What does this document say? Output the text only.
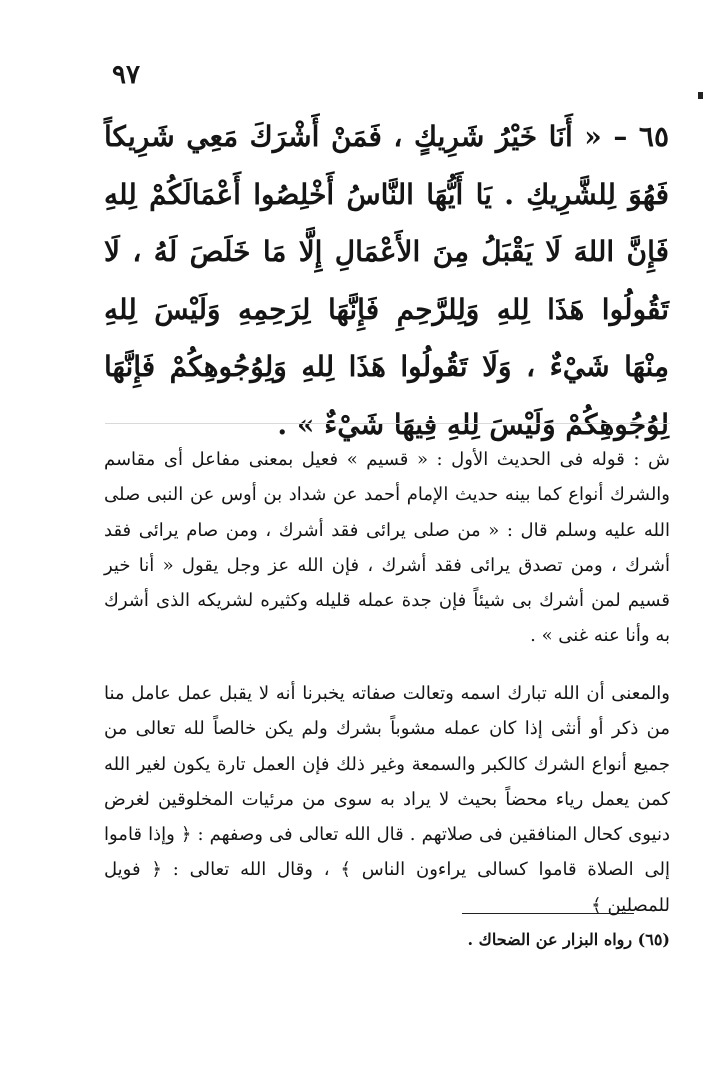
٩٧
٦٥ – « أَنَا خَيْرُ شَرِيكٍ ، فَمَنْ أَشْرَكَ مَعِي شَرِيكاً فَهُوَ لِلشَّرِيكِ . يَا أَيُّهَا النَّاسُ أَخْلِصُوا أَعْمَالَكُمْ لِلهِ فَإِنَّ اللهَ لَا يَقْبَلُ مِنَ الأَعْمَالِ إِلَّا مَا خَلَصَ لَهُ ، لَا تَقُولُوا هَذَا لِلهِ وَلِلرَّحِمِ فَإِنَّهَا لِرَحِمِهِ وَلَيْسَ لِلهِ مِنْهَا شَيْءٌ ، وَلَا تَقُولُوا هَذَا لِلهِ وَلِوُجُوهِكُمْ فَإِنَّهَا لِوُجُوهِكُمْ وَلَيْسَ لِلهِ فِيهَا شَيْءٌ » .
ش : قوله فى الحديث الأول : « قسيم » فعيل بمعنى مفاعل أى مقاسم والشرك أنواع كما بينه حديث الإمام أحمد عن شداد بن أوس عن النبى صلى الله عليه وسلم قال : « من صلى يرائى فقد أشرك ، ومن صام يرائى فقد أشرك ، ومن تصدق يرائى فقد أشرك ، فإن الله عز وجل يقول « أنا خير قسيم لمن أشرك بى شيئاً فإن جدة عمله قليله وكثيره لشريكه الذى أشرك به وأنا عنه غنى » .
والمعنى أن الله تبارك اسمه وتعالت صفاته يخبرنا أنه لا يقبل عمل عامل منا من ذكر أو أنثى إذا كان عمله مشوباً بشرك ولم يكن خالصاً لله تعالى من جميع أنواع الشرك كالكبر والسمعة وغير ذلك فإن العمل تارة يكون لغير الله كمن يعمل رياء محضاً بحيث لا يراد به سوى من مرئيات المخلوقين لغرض دنيوى كحال المنافقين فى صلاتهم . قال الله تعالى فى وصفهم : ﴿ وإذا قاموا إلى الصلاة قاموا كسالى يراءون الناس ﴾ ، وقال الله تعالى : ﴿ فويل للمصلين ﴾
(٦٥) رواه البزار عن الضحاك .
